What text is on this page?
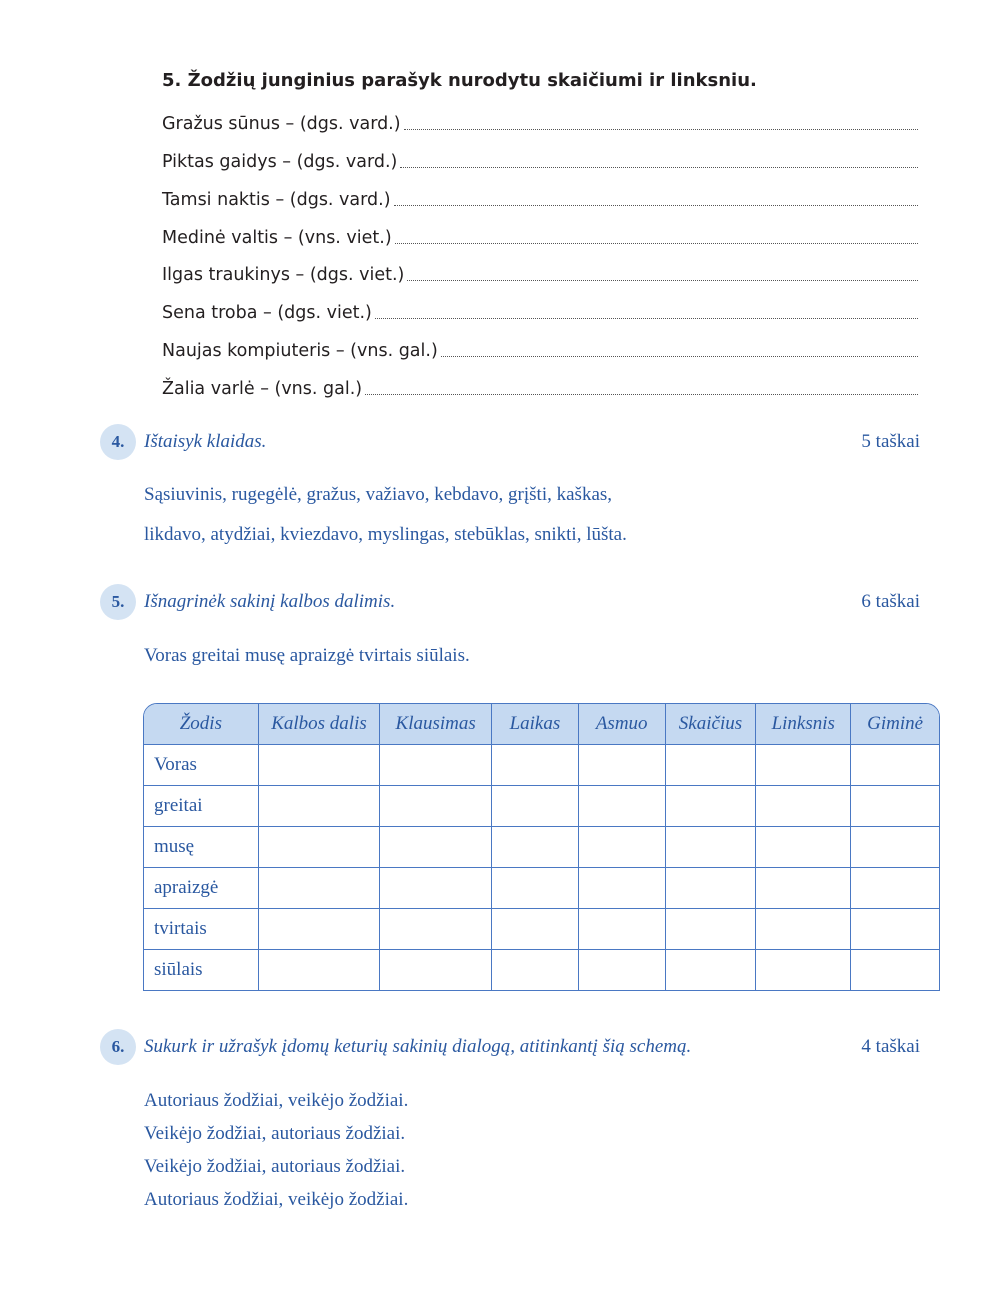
5. Žodžių junginius parašyk nurodytu skaičiumi ir linksniu.
Gražus sūnus – (dgs. vard.)
Piktas gaidys – (dgs. vard.)
Tamsi naktis – (dgs. vard.)
Medinė valtis – (vns. viet.)
Ilgas traukinys – (dgs. viet.)
Sena troba – (dgs. viet.)
Naujas kompiuteris – (vns. gal.)
Žalia varlė – (vns. gal.)
4.	Ištaisyk klaidas.	5 taškai
Sąsiuvinis, rugegėlė, gražus, važiavo, kebdavo, grįšti, kaškas,
likdavo, atydžiai, kviezdavo, myslingas, stebūklas, snikti, lūšta.
5.	Išnagrinėk sakinį kalbos dalimis.	6 taškai
Voras greitai musę apraizgė tvirtais siūlais.
Žodis	Kalbos dalis	Klausimas	Laikas	Asmuo	Skaičius	Linksnis	Giminė
Voras							
greitai							
musę							
apraizgė							
tvirtais							
siūlais							
6.	Sukurk ir užrašyk įdomų keturių sakinių dialogą, atitinkantį šią schemą.	4 taškai
Autoriaus žodžiai, veikėjo žodžiai.
Veikėjo žodžiai, autoriaus žodžiai.
Veikėjo žodžiai, autoriaus žodžiai.
Autoriaus žodžiai, veikėjo žodžiai.
